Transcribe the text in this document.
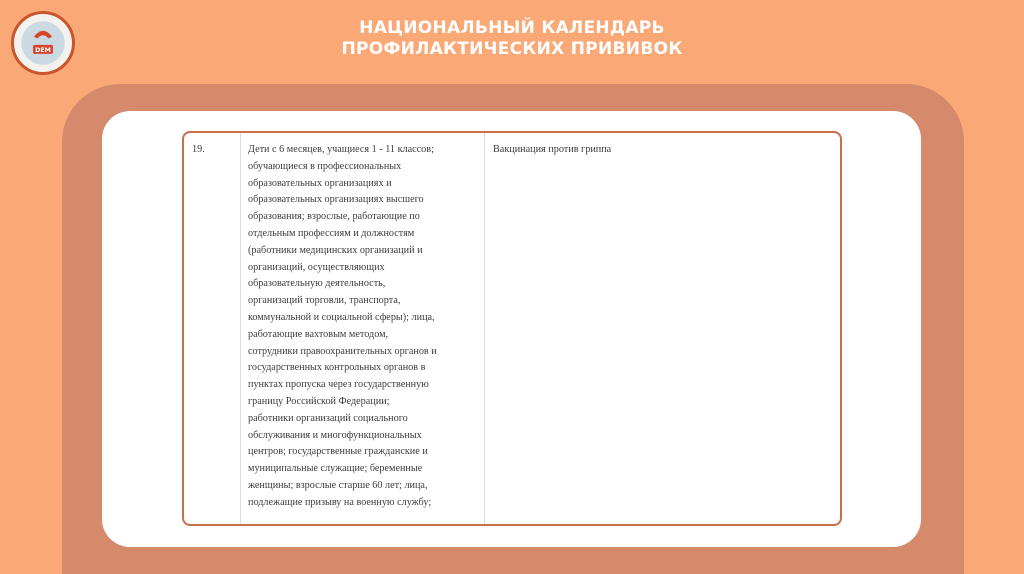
DEM
НАЦИОНАЛЬНЫЙ КАЛЕНДАРЬ
ПРОФИЛАКТИЧЕСКИХ ПРИВИВОК
19.	Дети с 6 месяцев, учащиеся 1 - 11 классов;
обучающиеся в профессиональных
образовательных организациях и
образовательных организациях высшего
образования; взрослые, работающие по
отдельным профессиям и должностям
(работники медицинских организаций и
организаций, осуществляющих
образовательную деятельность,
организаций торговли, транспорта,
коммунальной и социальной сферы); лица,
работающие вахтовым методом,
сотрудники правоохранительных органов и
государственных контрольных органов в
пунктах пропуска через государственную
границу Российской Федерации;
работники организаций социального
обслуживания и многофункциональных
центров; государственные гражданские и
муниципальные служащие; беременные
женщины; взрослые старше 60 лет; лица,
подлежащие призыву на военную службу;
Вакцинация против гриппа
